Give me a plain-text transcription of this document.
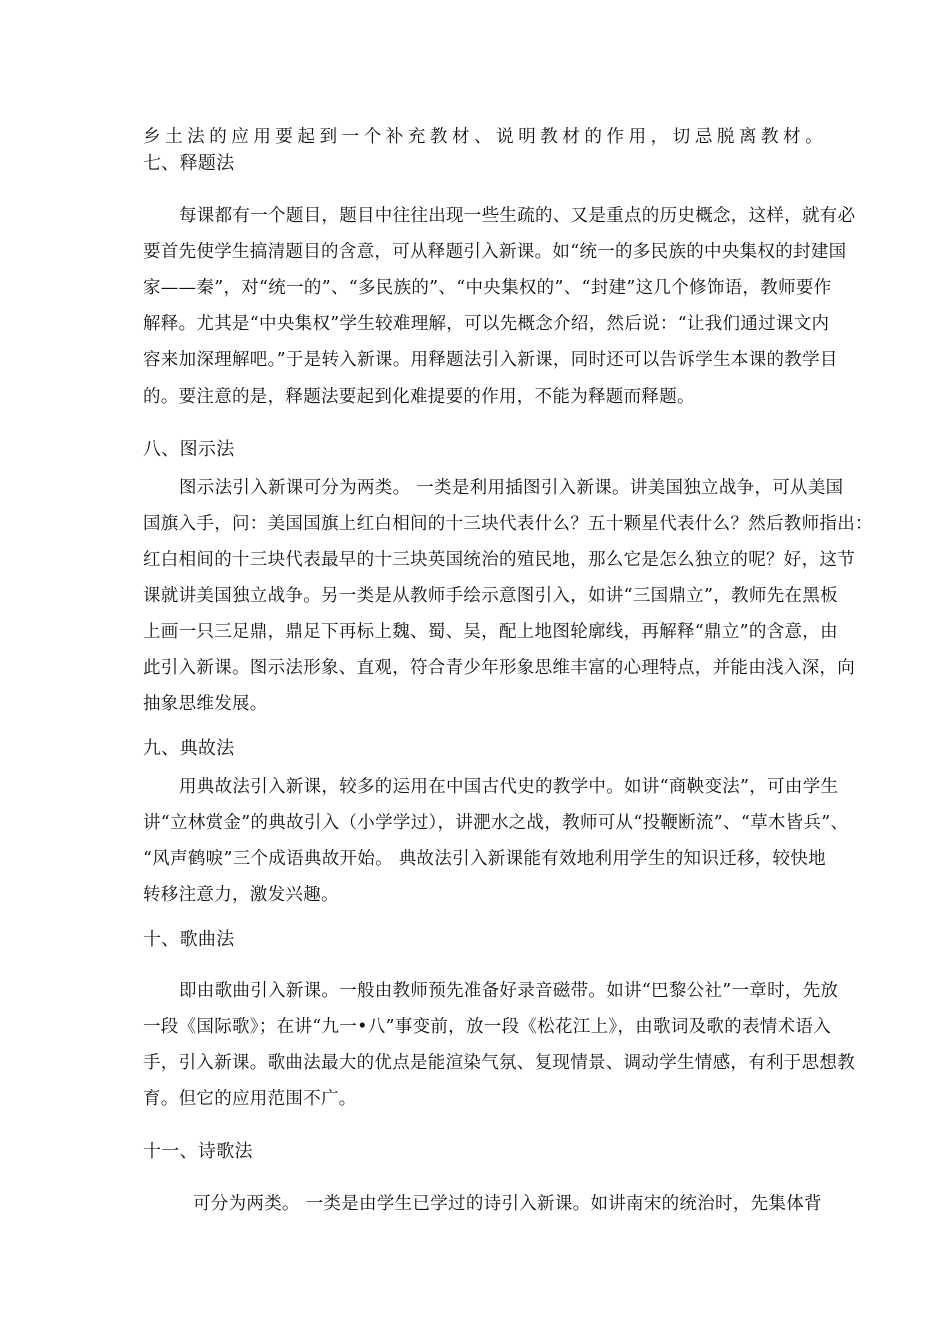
乡土法的应用要起到一个补充教材、说明教材的作用，切忌脱离教材。
七、释题法
每课都有一个题目，题目中往往出现一些生疏的、又是重点的历史概念，这样，就有必
要首先使学生搞清题目的含意，可从释题引入新课。如“统一的多民族的中央集权的封建国
家——秦”，对“统一的”、“多民族的”、“中央集权的”、“封建”这几个修饰语，教师要作
解释。尤其是“中央集权”学生较难理解，可以先概念介绍，然后说：“让我们通过课文内
容来加深理解吧。”于是转入新课。用释题法引入新课，同时还可以告诉学生本课的教学目
的。要注意的是，释题法要起到化难提要的作用，不能为释题而释题。
八、图示法
图示法引入新课可分为两类。 一类是利用插图引入新课。讲美国独立战争，可从美国
国旗入手，问：美国国旗上红白相间的十三块代表什么？五十颗星代表什么？然后教师指出：
红白相间的十三块代表最早的十三块英国统治的殖民地，那么它是怎么独立的呢？好，这节
课就讲美国独立战争。另一类是从教师手绘示意图引入，如讲“三国鼎立”，教师先在黑板
上画一只三足鼎，鼎足下再标上魏、蜀、吴，配上地图轮廓线，再解释“鼎立”的含意，由
此引入新课。图示法形象、直观，符合青少年形象思维丰富的心理特点，并能由浅入深，向
抽象思维发展。
九、典故法
用典故法引入新课，较多的运用在中国古代史的教学中。如讲“商鞅变法”，可由学生
讲“立林赏金”的典故引入（小学学过），讲淝水之战，教师可从“投鞭断流”、“草木皆兵”、
“风声鹤唳”三个成语典故开始。 典故法引入新课能有效地利用学生的知识迁移，较快地
转移注意力，激发兴趣。
十、歌曲法
即由歌曲引入新课。一般由教师预先准备好录音磁带。如讲“巴黎公社”一章时，先放
一段《国际歌》；在讲“九一•八”事变前，放一段《松花江上》，由歌词及歌的表情术语入
手，引入新课。歌曲法最大的优点是能渲染气氛、复现情景、调动学生情感，有利于思想教
育。但它的应用范围不广。
十一、诗歌法
可分为两类。 一类是由学生已学过的诗引入新课。如讲南宋的统治时，先集体背
